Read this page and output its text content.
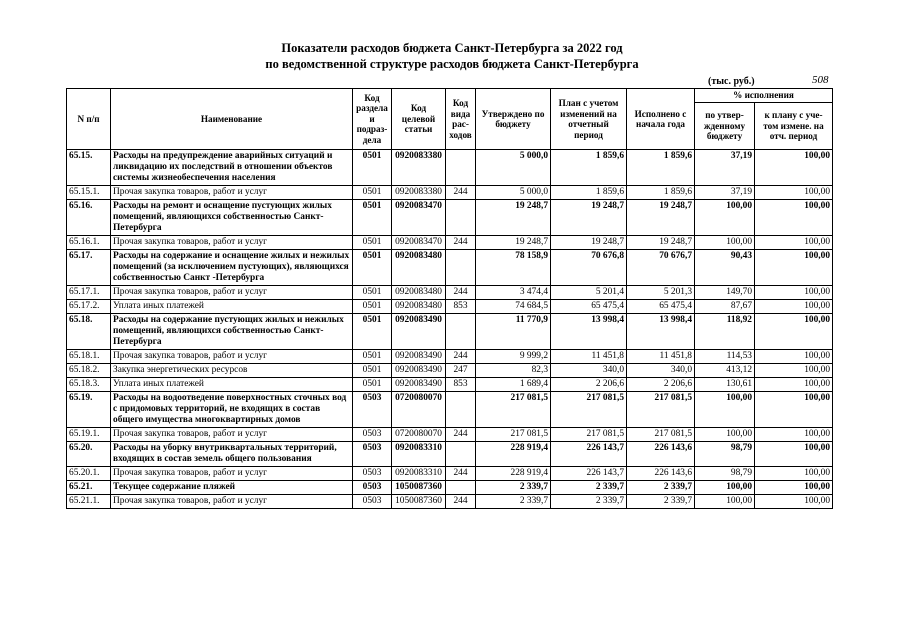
Показатели расходов бюджета Санкт-Петербурга за 2022 год
по ведомственной структуре расходов бюджета Санкт-Петербурга
(тыс. руб.)	508
N п/п	Наименование	Код раздела и подраз-дела	Код целевой статьи	Код вида рас-ходов	Утверждено по бюджету	План с учетом изменений на отчетный период	Исполнено с начала года	% исполнения	
								по утвер-жденному бюджету	к плану с уче-том измене. на отч. период
65.15.	Расходы на предупреждение аварийных ситуаций и ликвидацию их последствий в отношении объектов системы жизнеобеспечения населения	0501	0920083380		5 000,0	1 859,6	1 859,6	37,19	100,00
65.15.1.	Прочая закупка товаров, работ и услуг	0501	0920083380	244	5 000,0	1 859,6	1 859,6	37,19	100,00
65.16.	Расходы на ремонт и оснащение пустующих жилых помещений, являющихся собственностью Санкт-Петербурга	0501	0920083470		19 248,7	19 248,7	19 248,7	100,00	100,00
65.16.1.	Прочая закупка товаров, работ и услуг	0501	0920083470	244	19 248,7	19 248,7	19 248,7	100,00	100,00
65.17.	Расходы на содержание и оснащение жилых и нежилых помещений (за исключением пустующих), являющихся собственностью Санкт -Петербурга	0501	0920083480		78 158,9	70 676,8	70 676,7	90,43	100,00
65.17.1.	Прочая закупка товаров, работ и услуг	0501	0920083480	244	3 474,4	5 201,4	5 201,3	149,70	100,00
65.17.2.	Уплата иных платежей	0501	0920083480	853	74 684,5	65 475,4	65 475,4	87,67	100,00
65.18.	Расходы на содержание пустующих жилых и нежилых помещений, являющихся собственностью Санкт-Петербурга	0501	0920083490		11 770,9	13 998,4	13 998,4	118,92	100,00
65.18.1.	Прочая закупка товаров, работ и услуг	0501	0920083490	244	9 999,2	11 451,8	11 451,8	114,53	100,00
65.18.2.	Закупка энергетических ресурсов	0501	0920083490	247	82,3	340,0	340,0	413,12	100,00
65.18.3.	Уплата иных платежей	0501	0920083490	853	1 689,4	2 206,6	2 206,6	130,61	100,00
65.19.	Расходы на водоотведение поверхностных сточных вод с придомовых территорий, не входящих в состав общего имущества многоквартирных домов	0503	0720080070		217 081,5	217 081,5	217 081,5	100,00	100,00
65.19.1.	Прочая закупка товаров, работ и услуг	0503	0720080070	244	217 081,5	217 081,5	217 081,5	100,00	100,00
65.20.	Расходы на уборку внутриквартальных территорий, входящих в состав земель общего пользования	0503	0920083310		228 919,4	226 143,7	226 143,6	98,79	100,00
65.20.1.	Прочая закупка товаров, работ и услуг	0503	0920083310	244	228 919,4	226 143,7	226 143,6	98,79	100,00
65.21.	Текущее содержание пляжей	0503	1050087360		2 339,7	2 339,7	2 339,7	100,00	100,00
65.21.1.	Прочая закупка товаров, работ и услуг	0503	1050087360	244	2 339,7	2 339,7	2 339,7	100,00	100,00
